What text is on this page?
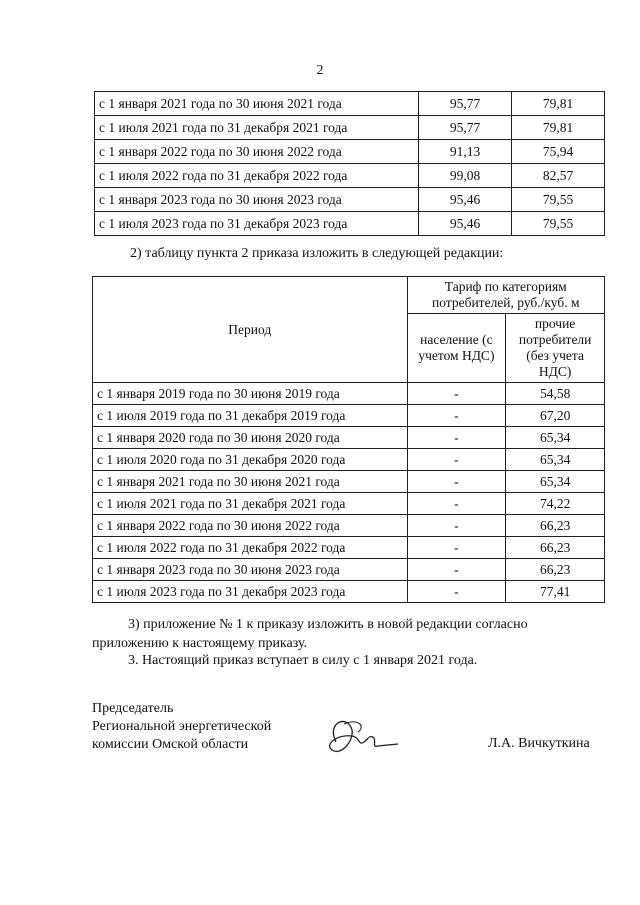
2
с 1 января 2021 года по 30 июня 2021 года	95,77	79,81
с 1 июля 2021 года по 31 декабря 2021 года	95,77	79,81
с 1 января 2022 года по 30 июня 2022 года	91,13	75,94
с 1 июля 2022 года по 31 декабря 2022 года	99,08	82,57
с 1 января 2023 года по 30 июня 2023 года	95,46	79,55
с 1 июля 2023 года по 31 декабря 2023 года	95,46	79,55
2) таблицу пункта 2 приказа изложить в следующей редакции:
Период	Тариф по категориям потребителей, руб./куб. м	
	население (с учетом НДС)	прочие потребители (без учета НДС)
с 1 января 2019 года по 30 июня 2019 года	-	54,58
с 1 июля 2019 года по 31 декабря 2019 года	-	67,20
с 1 января 2020 года по 30 июня 2020 года	-	65,34
с 1 июля 2020 года по 31 декабря 2020 года	-	65,34
с 1 января 2021 года по 30 июня 2021 года	-	65,34
с 1 июля 2021 года по 31 декабря 2021 года	-	74,22
с 1 января 2022 года по 30 июня 2022 года	-	66,23
с 1 июля 2022 года по 31 декабря 2022 года	-	66,23
с 1 января 2023 года по 30 июня 2023 года	-	66,23
с 1 июля 2023 года по 31 декабря 2023 года	-	77,41
3) приложение № 1 к приказу изложить в новой редакции согласно
приложению к настоящему приказу.
3. Настоящий приказ вступает в силу с 1 января 2021 года.
Председатель
Региональной энергетической
комиссии Омской области	Л.А. Вичкуткина
